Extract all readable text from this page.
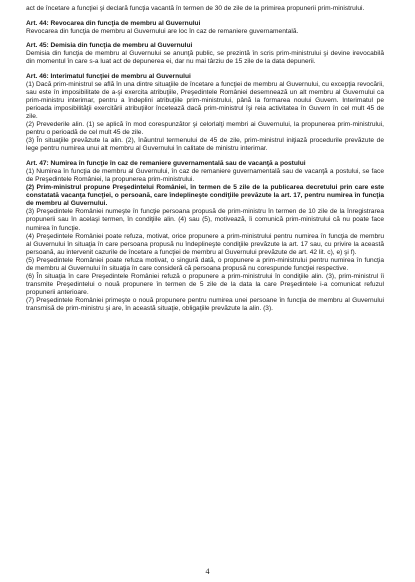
act de încetare a funcţiei şi declară funcţia vacantă în termen de 30 de zile de la primirea propunerii prim-ministrului.

Art. 44: Revocarea din funcţia de membru al Guvernului

Revocarea din funcţia de membru al Guvernului are loc în caz de remaniere guvernamentală.

Art. 45: Demisia din funcţia de membru al Guvernului

Demisia din funcţia de membru al Guvernului se anunţă public, se prezintă în scris prim-ministrului şi devine irevocabilă din momentul în care s-a luat act de depunerea ei, dar nu mai târziu de 15 zile de la data depunerii.

Art. 46: Interimatul funcţiei de membru al Guvernului

(1) Dacă prim-ministrul se află în una dintre situaţiile de încetare a funcţiei de membru al Guvernului, cu excepţia revocării, sau este în imposibilitate de a-şi exercita atribuţiile, Preşedintele României desemnează un alt membru al Guvernului ca prim-ministru interimar, pentru a îndeplini atribuţiile prim-ministrului, până la formarea noului Guvern. Interimatul pe perioada imposibilităţii exercitării atribuţiilor încetează dacă prim-ministrul îşi reia activitatea în Guvern în cel mult 45 de zile.

(2) Prevederile alin. (1) se aplică în mod corespunzător şi celorlalţi membri ai Guvernului, la propunerea prim-ministrului, pentru o perioadă de cel mult 45 de zile.

(3) În situaţiile prevăzute la alin. (2), înăuntrul termenului de 45 de zile, prim-ministrul iniţiază procedurile prevăzute de lege pentru numirea unui alt membru al Guvernului în calitate de ministru interimar.

Art. 47: Numirea în funcţie în caz de remaniere guvernamentală sau de vacanţă a postului

(1) Numirea în funcţia de membru al Guvernului, în caz de remaniere guvernamentală sau de vacanţă a postului, se face de Preşedintele României, la propunerea prim-ministrului.

(2) Prim-ministrul propune Preşedintelui României, în termen de 5 zile de la publicarea decretului prin care este constatată vacanţa funcţiei, o persoană, care îndeplineşte condiţiile prevăzute la art. 17, pentru numirea în funcţia de membru al Guvernului.

(3) Preşedintele României numeşte în funcţie persoana propusă de prim-ministru în termen de 10 zile de la înregistrarea propunerii sau în acelaşi termen, în condiţiile alin. (4) sau (5), motivează, îi comunică prim-ministrului că nu poate face numirea în funcţie.

(4) Preşedintele României poate refuza, motivat, orice propunere a prim-ministrului pentru numirea în funcţia de membru al Guvernului în situaţia în care persoana propusă nu îndeplineşte condiţiile prevăzute la art. 17 sau, cu privire la această persoană, au intervenit cazurile de încetare a funcţiei de membru al Guvernului prevăzute de art. 42 lit. c), e) şi f).

(5) Preşedintele României poate refuza motivat, o singură dată, o propunere a prim-ministrului pentru numirea în funcţia de membru al Guvernului în situaţia în care consideră că persoana propusă nu corespunde funcţiei respective.

(6) În situaţia în care Preşedintele României refuză o propunere a prim-ministrului în condiţiile alin. (3), prim-ministrul îi transmite Preşedintelui o nouă propunere în termen de 5 zile de la data la care Preşedintele i-a comunicat refuzul propunerii anterioare.

(7) Preşedintele României primeşte o nouă propunere pentru numirea unei persoane în funcţia de membru al Guvernului transmisă de prim-ministru şi are, în această situaţie, obligaţiile prevăzute la alin. (3).

4
